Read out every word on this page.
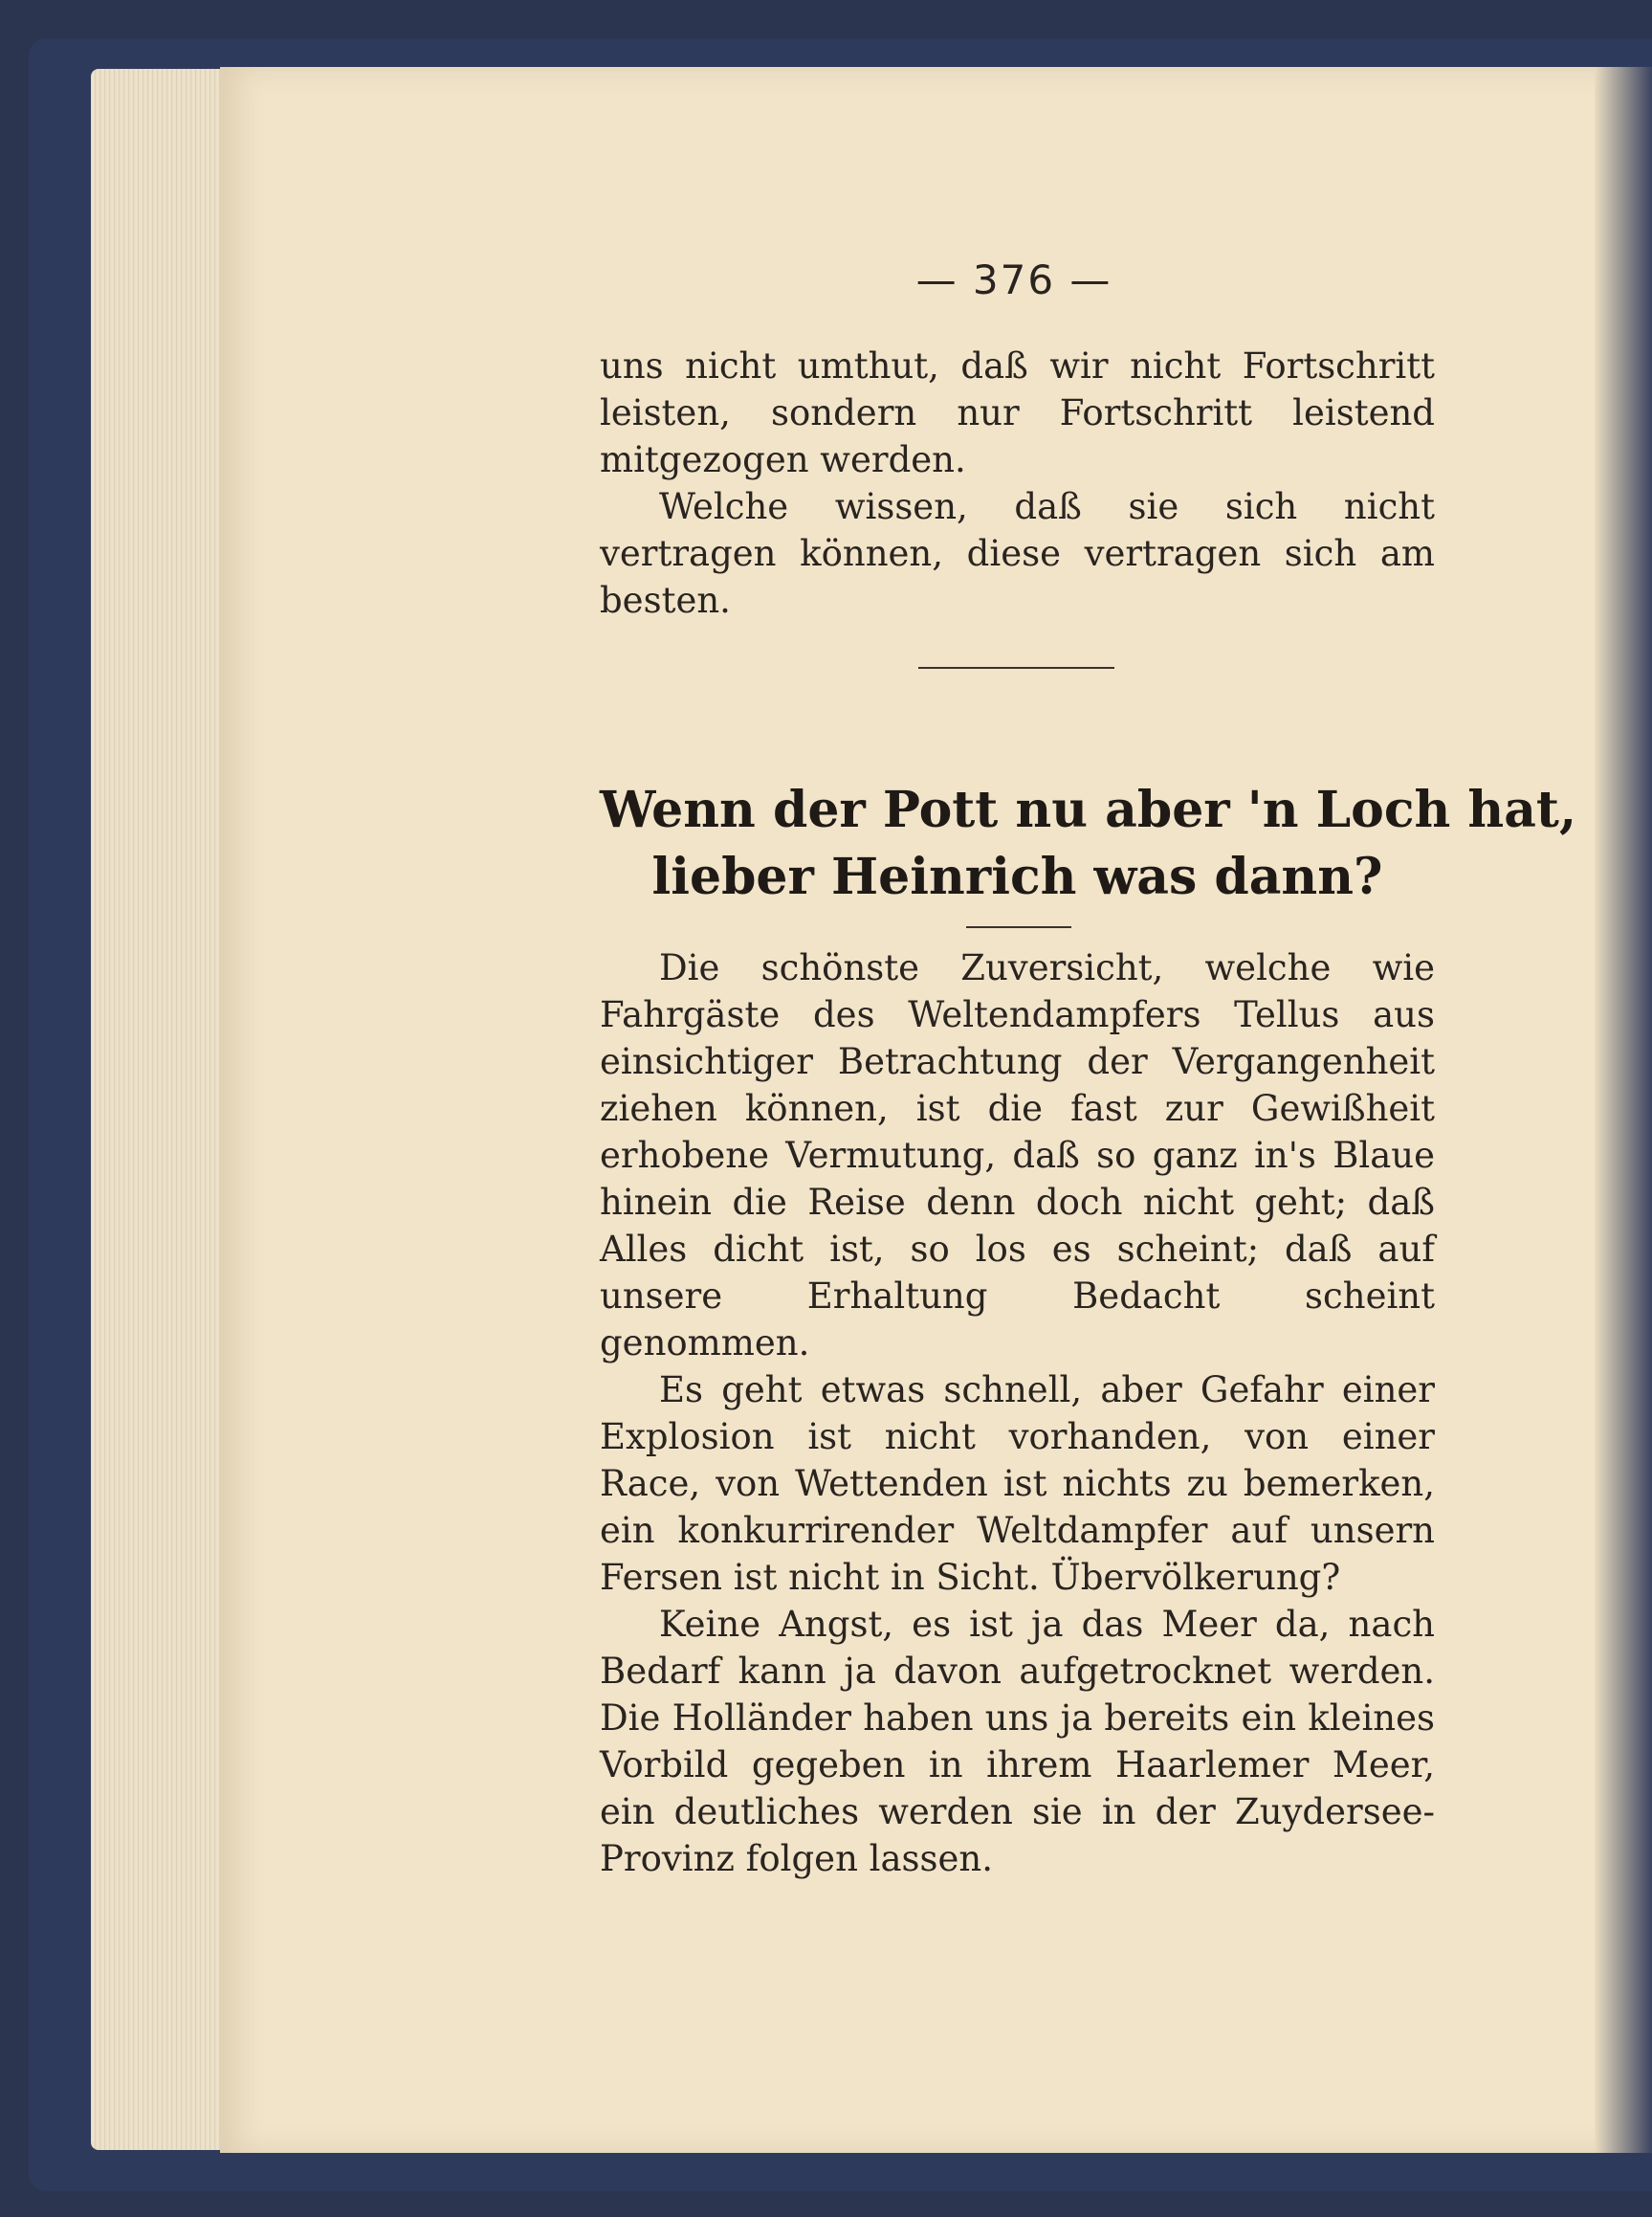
— 376 —

uns nicht umthut, daß wir nicht Fortschritt leisten, sondern nur Fortschritt leistend mitgezogen werden.

Welche wissen, daß sie sich nicht vertragen können, diese vertragen sich am besten.

Wenn der Pott nu aber 'n Loch hat,
lieber Heinrich was dann?

Die schönste Zuversicht, welche wie Fahrgäste des Weltendampfers Tellus aus einsichtiger Betrachtung der Vergangenheit ziehen können, ist die fast zur Gewißheit erhobene Vermutung, daß so ganz in's Blaue hinein die Reise denn doch nicht geht; daß Alles dicht ist, so los es scheint; daß auf unsere Erhaltung Bedacht scheint genommen.

Es geht etwas schnell, aber Gefahr einer Explosion ist nicht vorhanden, von einer Race, von Wettenden ist nichts zu bemerken, ein konkurrirender Weltdampfer auf unsern Fersen ist nicht in Sicht. Übervölkerung?

Keine Angst, es ist ja das Meer da, nach Bedarf kann ja davon aufgetrocknet werden. Die Holländer haben uns ja bereits ein kleines Vorbild gegeben in ihrem Haarlemer Meer, ein deutliches werden sie in der Zuydersee-Provinz folgen lassen.
